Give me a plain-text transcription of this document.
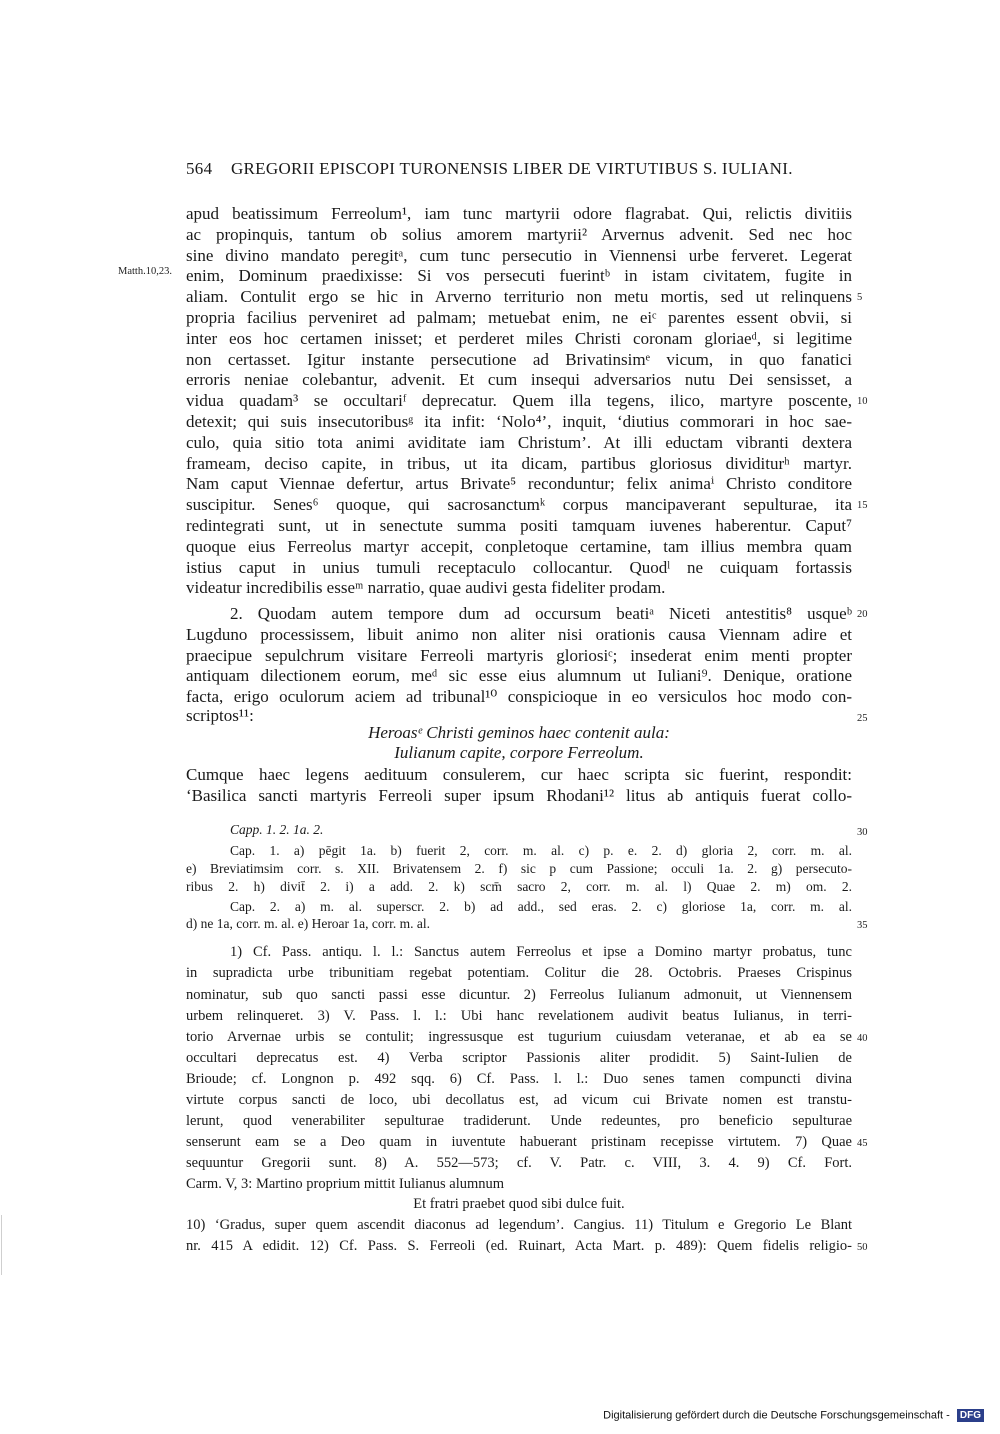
564 GREGORII EPISCOPI TURONENSIS LIBER DE VIRTUTIBUS S. IULIANI.
Matth.10,23.
apud beatissimum Ferreolum¹, iam tunc martyrii odore flagrabat. Qui, relictis divitiis
ac propinquis, tantum ob solius amorem martyrii² Arvernus advenit. Sed nec hoc
sine divino mandato peregitᵃ, cum tunc persecutio in Viennensi urbe ferveret. Legerat
enim, Dominum praedixisse: Si vos persecuti fuerintᵇ in istam civitatem, fugite in
aliam. Contulit ergo se hic in Arverno territurio non metu mortis, sed ut relinquens
propria facilius perveniret ad palmam; metuebat enim, ne eiᶜ parentes essent obvii, si
inter eos hoc certamen inisset; et perderet miles Christi coronam gloriaeᵈ, si legitime
non certasset. Igitur instante persecutione ad Brivatinsimᵉ vicum, in quo fanatici
erroris neniae colebantur, advenit. Et cum insequi adversarios nutu Dei sensisset, a
vidua quadam³ se occultariᶠ deprecatur. Quem illa tegens, ilico, martyre poscente,
detexit; qui suis insecutoribusᵍ ita infit: ‘Nolo⁴’, inquit, ‘diutius commorari in hoc sae-
culo, quia sitio tota animi aviditate iam Christum’. At illi eductam vibranti dextera
frameam, deciso capite, in tribus, ut ita dicam, partibus gloriosus dividiturʰ martyr.
Nam caput Viennae defertur, artus Brivate⁵ reconduntur; felix animaⁱ Christo conditore
suscipitur. Senes⁶ quoque, qui sacrosanctumᵏ corpus mancipaverant sepulturae, ita
redintegrati sunt, ut in senectute summa positi tamquam iuvenes haberentur. Caput⁷
quoque eius Ferreolus martyr accepit, conpletoque certamine, tam illius membra quam
istius caput in unius tumuli receptaculo collocantur. Quodˡ ne cuiquam fortassis
videatur incredibilis esseᵐ narratio, quae audivi gesta fideliter prodam.
2. Quodam autem tempore dum ad occursum beatiᵃ Niceti antestitis⁸ usqueᵇ
Lugduno processissem, libuit animo non aliter nisi orationis causa Viennam adire et
praecipue sepulchrum visitare Ferreoli martyris gloriosiᶜ; insederat enim menti propter
antiquam dilectionem eorum, meᵈ sic esse eius alumnum ut Iuliani⁹. Denique, oratione
facta, erigo oculorum aciem ad tribunal¹⁰ conspicioque in eo versiculos hoc modo con-
scriptos¹¹:
Heroasᵉ Christi geminos haec contenit aula:
Iulianum capite, corpore Ferreolum.
Cumque haec legens aedituum consulerem, cur haec scripta sic fuerint, respondit:
‘Basilica sancti martyris Ferreoli super ipsum Rhodani¹² litus ab antiquis fuerat collo-
Capp. 1. 2. 1a. 2.
Cap. 1. a) pēgit 1a. b) fuerit 2, corr. m. al. c) p. e. 2. d) gloria 2, corr. m. al.
e) Breviatimsim corr. s. XII. Brivatensem 2. f) sic p cum Passione; occuli 1a. 2. g) persecuto-
ribus 2. h) divit̄ 2. i) a add. 2. k) scm̄ sacro 2, corr. m. al. l) Quae 2. m) om. 2.
Cap. 2. a) m. al. superscr. 2. b) ad add., sed eras. 2. c) gloriose 1a, corr. m. al.
d) ne 1a, corr. m. al. e) Heroar 1a, corr. m. al.
1) Cf. Pass. antiqu. l. l.: Sanctus autem Ferreolus et ipse a Domino martyr probatus, tunc
in supradicta urbe tribunitiam regebat potentiam. Colitur die 28. Octobris. Praeses Crispinus
nominatur, sub quo sancti passi esse dicuntur. 2) Ferreolus Iulianum admonuit, ut Viennensem
urbem relinqueret. 3) V. Pass. l. l.: Ubi hanc revelationem audivit beatus Iulianus, in terri-
torio Arvernae urbis se contulit; ingressusque est tugurium cuiusdam veteranae, et ab ea se
occultari deprecatus est. 4) Verba scriptor Passionis aliter prodidit. 5) Saint-Iulien de
Brioude; cf. Longnon p. 492 sqq. 6) Cf. Pass. l. l.: Duo senes tamen compuncti divina
virtute corpus sancti de loco, ubi decollatus est, ad vicum cui Brivate nomen est transtu-
lerunt, quod venerabiliter sepulturae tradiderunt. Unde redeuntes, pro beneficio sepulturae
senserunt eam se a Deo quam in iuventute habuerant pristinam recepisse virtutem. 7) Quae
sequuntur Gregorii sunt. 8) A. 552—573; cf. V. Patr. c. VIII, 3. 4. 9) Cf. Fort.
Carm. V, 3: Martino proprium mittit Iulianus alumnum
Et fratri praebet quod sibi dulce fuit.
10) ‘Gradus, super quem ascendit diaconus ad legendum’. Cangius. 11) Titulum e Gregorio Le Blant
nr. 415 A edidit. 12) Cf. Pass. S. Ferreoli (ed. Ruinart, Acta Mart. p. 489): Quem fidelis religio-
5
10
15
20
25
30
35
40
45
50
Digitalisierung gefördert durch die Deutsche Forschungsgemeinschaft - DFG
